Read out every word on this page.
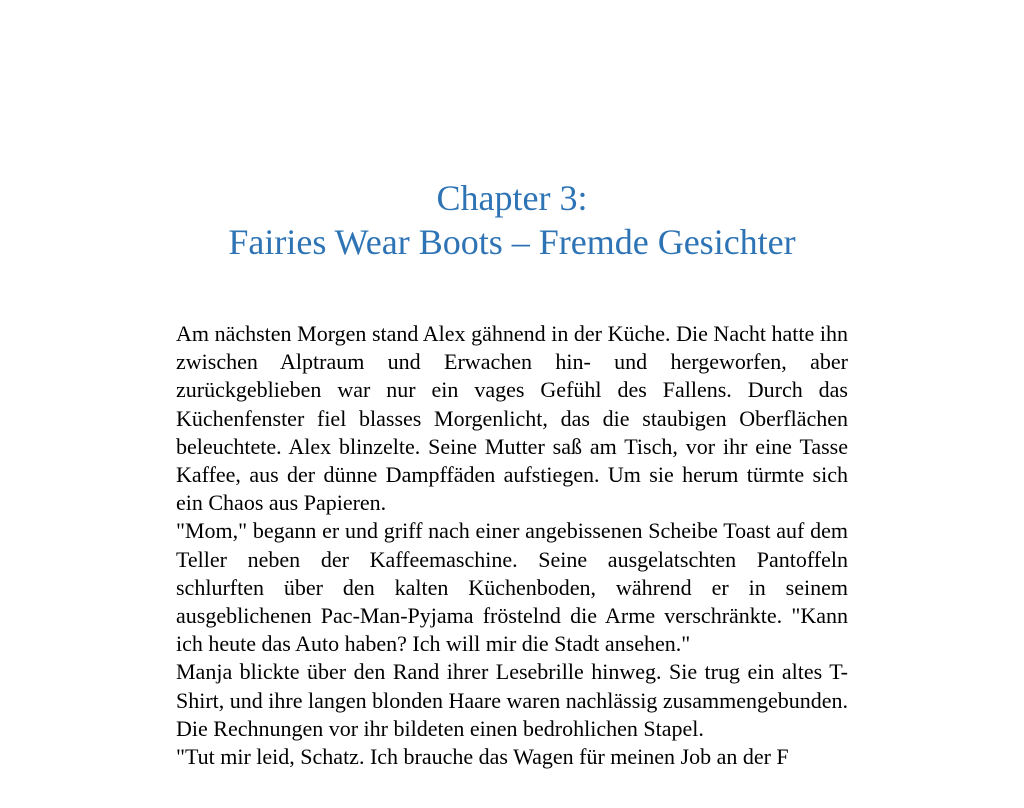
Chapter 3:
Fairies Wear Boots – Fremde Gesichter

Am nächsten Morgen stand Alex gähnend in der Küche. Die Nacht hatte ihn zwischen Alptraum und Erwachen hin- und hergeworfen, aber zurückgeblieben war nur ein vages Gefühl des Fallens. Durch das Küchenfenster fiel blasses Morgenlicht, das die staubigen Oberflächen beleuchtete. Alex blinzelte. Seine Mutter saß am Tisch, vor ihr eine Tasse Kaffee, aus der dünne Dampffäden aufstiegen. Um sie herum türmte sich ein Chaos aus Papieren.

"Mom," begann er und griff nach einer angebissenen Scheibe Toast auf dem Teller neben der Kaffeemaschine. Seine ausgelatschten Pantoffeln schlurften über den kalten Küchenboden, während er in seinem ausgeblichenen Pac-Man-Pyjama fröstelnd die Arme verschränkte. "Kann ich heute das Auto haben? Ich will mir die Stadt ansehen."

Manja blickte über den Rand ihrer Lesebrille hinweg. Sie trug ein altes T-Shirt, und ihre langen blonden Haare waren nachlässig zusammengebunden. Die Rechnungen vor ihr bildeten einen bedrohlichen Stapel.

"Tut mir leid, Schatz. Ich brauche das Wagen für meinen Job an der F
